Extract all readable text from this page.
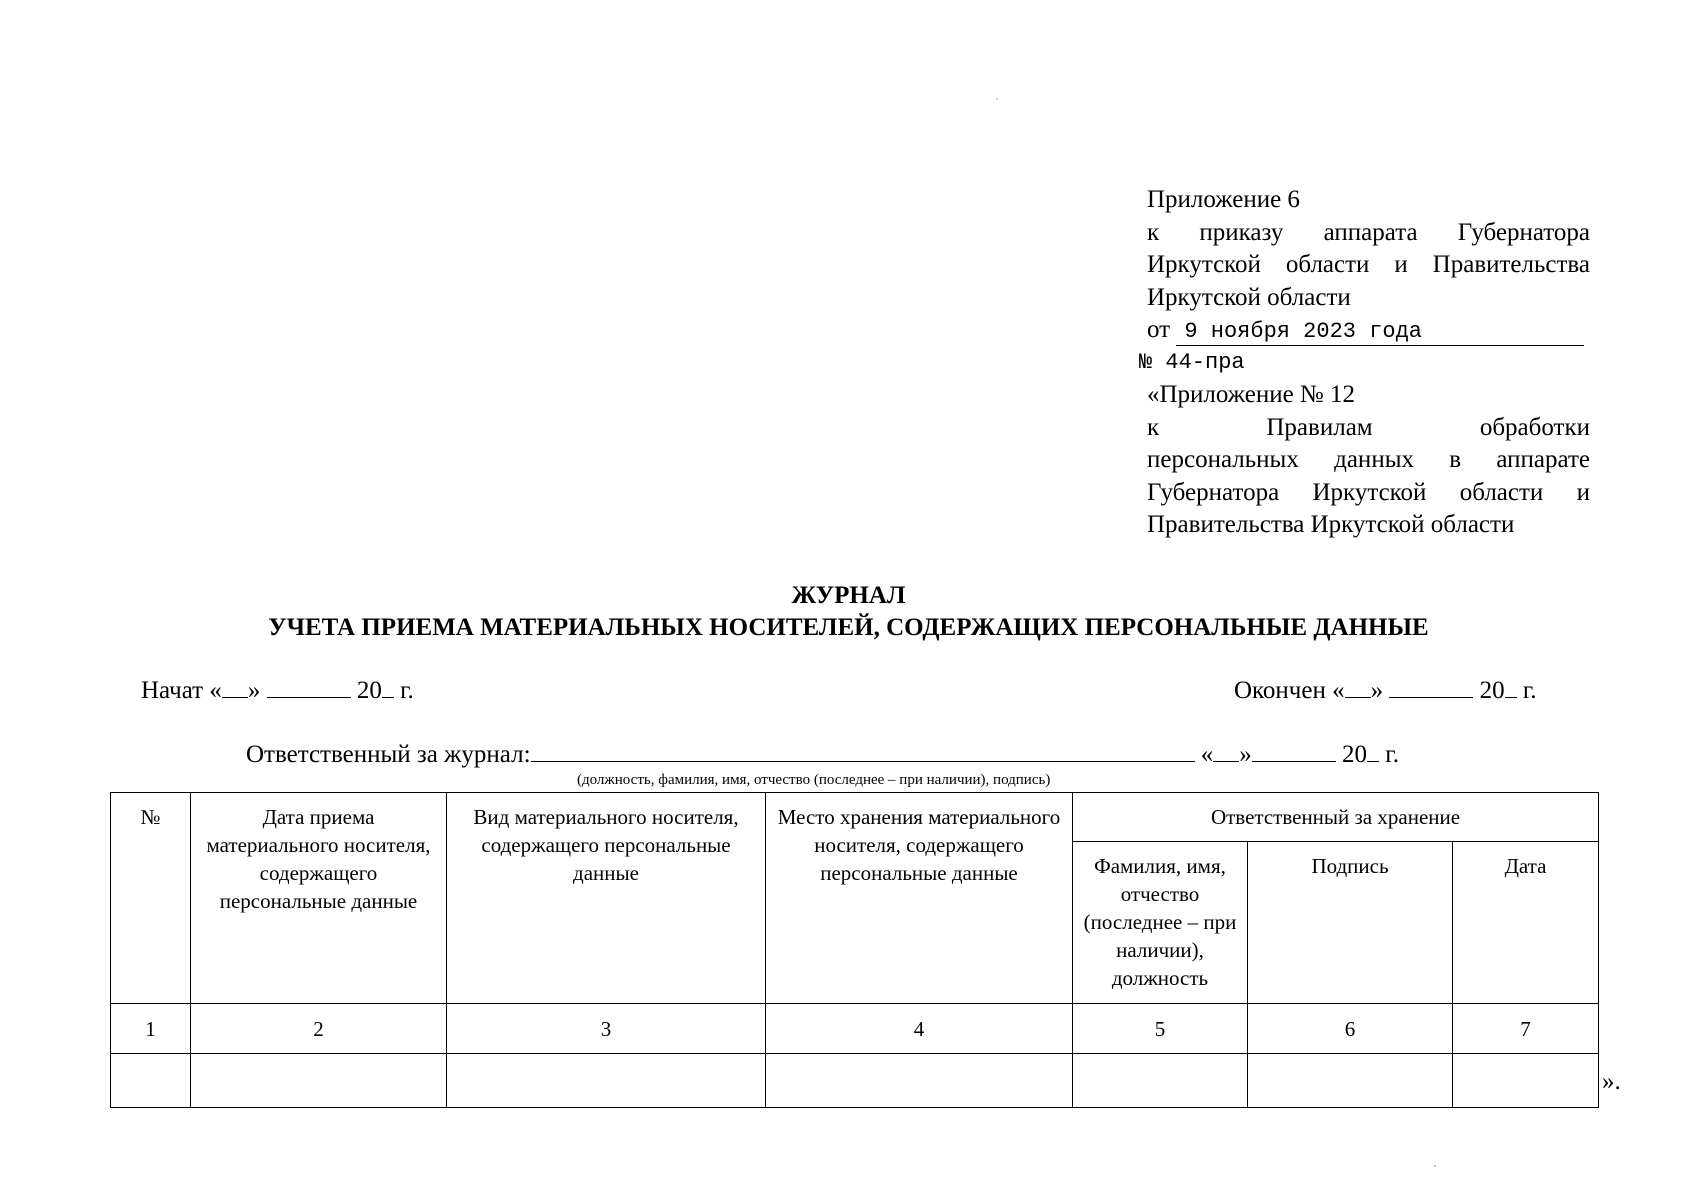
Приложение 6
к приказу аппарата Губернатора
Иркутской области и Правительства
Иркутской области
от 9 ноября 2023 года
№ 44-пра
«Приложение № 12
к Правилам обработки
персональных данных в аппарате
Губернатора Иркутской области и
Правительства Иркутской области
ЖУРНАЛ
УЧЕТА ПРИЕМА МАТЕРИАЛЬНЫХ НОСИТЕЛЕЙ, СОДЕРЖАЩИХ ПЕРСОНАЛЬНЫЕ ДАННЫЕ
Начат « »	20 г.	Окончен « »	20 г.
Ответственный за журнал:	« »	20 г.
(должность, фамилия, имя, отчество (последнее – при наличии), подпись)
№	Дата приема материального носителя, содержащего персональные данные	Вид материального носителя, содержащего персональные данные	Место хранения материального носителя, содержащего персональные данные	Ответственный за хранение		
				Фамилия, имя, отчество (последнее – при наличии), должность	Подпись	Дата
1	2	3	4	5	6	7

».
